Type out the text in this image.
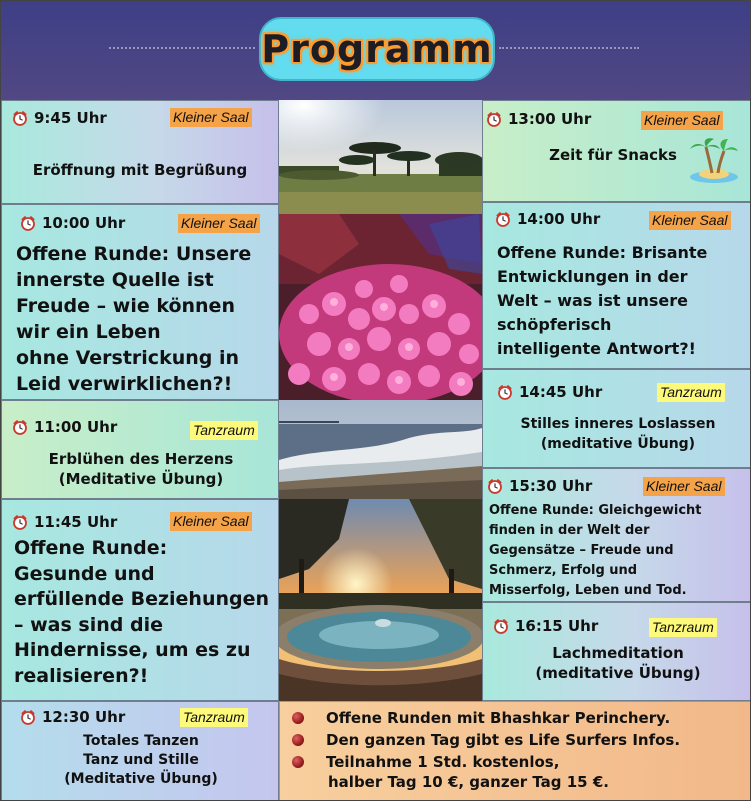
Programm
9:45 Uhr	Kleiner Saal
Eröffnung mit Begrüßung
10:00 Uhr	Kleiner Saal
Offene Runde: Unsere
innerste Quelle ist
Freude – wie können
wir ein Leben
ohne Verstrickung in
Leid verwirklichen?!
11:00 Uhr	Tanzraum
Erblühen des Herzens
(Meditative Übung)
11:45 Uhr	Kleiner Saal
Offene Runde:
Gesunde und
erfüllende Beziehungen
– was sind die
Hindernisse, um es zu
realisieren?!
12:30 Uhr	Tanzraum
Totales Tanzen
Tanz und Stille
(Meditative Übung)
13:00 Uhr	Kleiner Saal
Zeit für Snacks
14:00 Uhr	Kleiner Saal
Offene Runde: Brisante
Entwicklungen in der
Welt – was ist unsere
schöpferisch
intelligente Antwort?!
14:45 Uhr	Tanzraum
Stilles inneres Loslassen
(meditative Übung)
15:30 Uhr	Kleiner Saal
Offene Runde: Gleichgewicht
finden in der Welt der
Gegensätze – Freude und
Schmerz, Erfolg und
Misserfolg, Leben und Tod.
16:15 Uhr	Tanzraum
Lachmeditation
(meditative Übung)
Offene Runden mit Bhashkar Perinchery.
Den ganzen Tag gibt es Life Surfers Infos.
Teilnahme 1 Std. kostenlos,
halber Tag 10 €, ganzer Tag 15 €.
